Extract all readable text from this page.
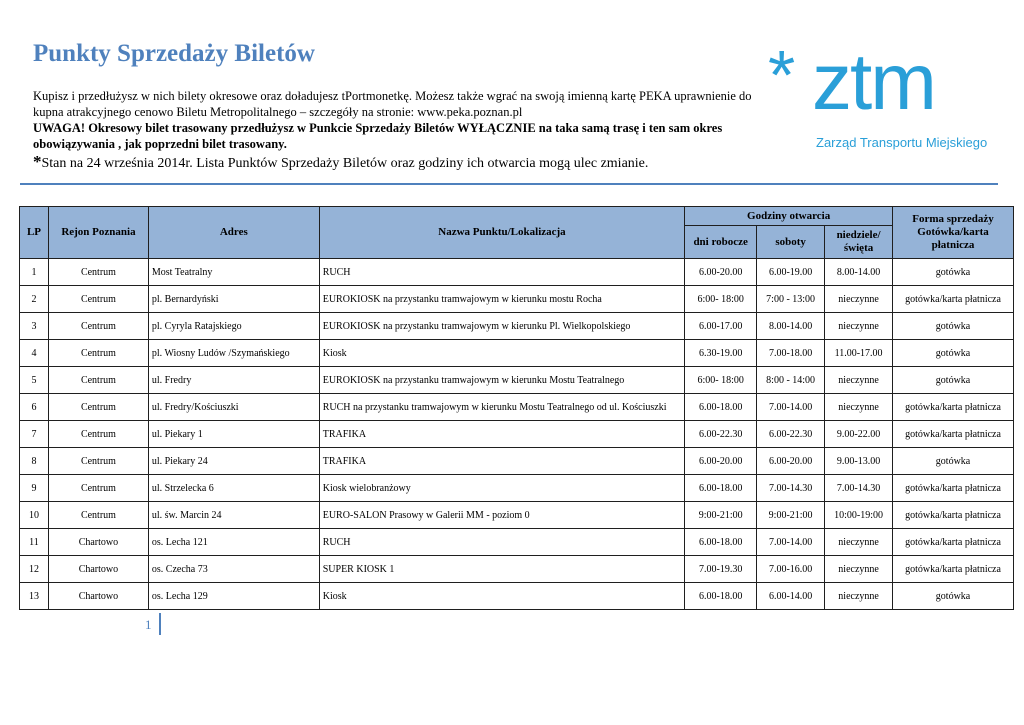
Punkty Sprzedaży Biletów

Kupisz i przedłużysz w nich bilety okresowe oraz doładujesz tPortmonetkę. Możesz także wgrać na swoją imienną kartę PEKA uprawnienie do kupna atrakcyjnego cenowo Biletu Metropolitalnego – szczegóły na stronie: www.peka.poznan.pl

UWAGA! Okresowy bilet trasowany przedłużysz w Punkcie Sprzedaży Biletów WYŁĄCZNIE na taka samą trasę i ten sam okres obowiązywania , jak poprzedni bilet trasowany.

*Stan na 24 września 2014r. Lista Punktów Sprzedaży Biletów oraz godziny ich otwarcia mogą ulec zmianie.

* ztm
Zarząd Transportu Miejskiego
LP	Rejon Poznania	Adres	Nazwa Punktu/Lokalizacja	Godziny otwarcia			Forma sprzedaży Gotówka/karta płatnicza
				dni robocze	soboty	niedziele/ święta	
1	Centrum	Most Teatralny	RUCH	6.00-20.00	6.00-19.00	8.00-14.00	gotówka
2	Centrum	pl. Bernardyński	EUROKIOSK na przystanku tramwajowym w kierunku mostu Rocha	6:00- 18:00	7:00 - 13:00	nieczynne	gotówka/karta płatnicza
3	Centrum	pl. Cyryla Ratajskiego	EUROKIOSK na przystanku tramwajowym w kierunku Pl. Wielkopolskiego	6.00-17.00	8.00-14.00	nieczynne	gotówka
4	Centrum	pl. Wiosny Ludów /Szymańskiego	Kiosk	6.30-19.00	7.00-18.00	11.00-17.00	gotówka
5	Centrum	ul. Fredry	EUROKIOSK na przystanku tramwajowym w kierunku Mostu Teatralnego	6:00- 18:00	8:00 - 14:00	nieczynne	gotówka
6	Centrum	ul. Fredry/Kościuszki	RUCH na przystanku tramwajowym w kierunku Mostu Teatralnego od ul. Kościuszki	6.00-18.00	7.00-14.00	nieczynne	gotówka/karta płatnicza
7	Centrum	ul. Piekary 1	TRAFIKA	6.00-22.30	6.00-22.30	9.00-22.00	gotówka/karta płatnicza
8	Centrum	ul. Piekary 24	TRAFIKA	6.00-20.00	6.00-20.00	9.00-13.00	gotówka
9	Centrum	ul. Strzelecka 6	Kiosk wielobranżowy	6.00-18.00	7.00-14.30	7.00-14.30	gotówka/karta płatnicza
10	Centrum	ul. św. Marcin 24	EURO-SALON Prasowy w Galerii MM - poziom 0	9:00-21:00	9:00-21:00	10:00-19:00	gotówka/karta płatnicza
11	Chartowo	os. Lecha 121	RUCH	6.00-18.00	7.00-14.00	nieczynne	gotówka/karta płatnicza
12	Chartowo	os. Czecha 73	SUPER KIOSK 1	7.00-19.30	7.00-16.00	nieczynne	gotówka/karta płatnicza
13	Chartowo	os. Lecha 129	Kiosk	6.00-18.00	6.00-14.00	nieczynne	gotówka
1
